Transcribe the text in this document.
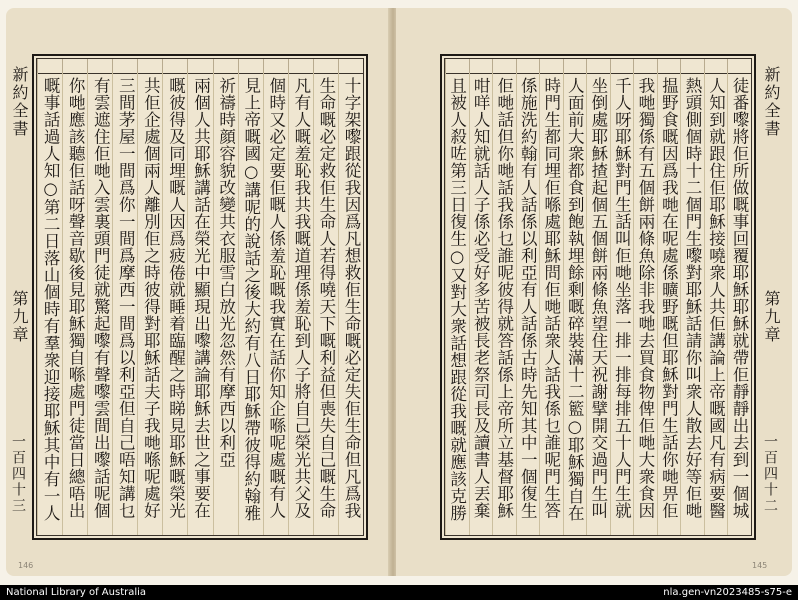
新約全書
第九章
一百四十三
十字架嚟跟從我因爲凡想救佢生命嘅必定失佢生命但凡爲我
生命嘅必定救佢生命人若得嘵天下嘅利益但喪失自己嘅生命
凡有人嘅羞恥我共我嘅道理係羞恥到人子將自己榮光共父及
個時又必定要佢嘅人係羞恥嘅我實在話你知企喺呢處嘅有人
見上帝嘅國○講呢的說話之後大約有八日耶穌帶彼得約翰雅
祈禱時顔容貌改變共衣服雪白放光忽然有摩西以利亞
兩個人共耶穌講話在榮光中顯現出嚟講論耶穌去世之事要在
嘅彼得及同埋嘅人因爲疲倦就睡着臨醒之時睇見耶穌嘅榮光
共佢企處個兩人離別佢之時彼得對耶穌話夫子我哋喺呢處好
三間茅屋一間爲你一間爲摩西一間爲以利亞但自己唔知講乜
有雲遮住佢哋入雲裏頭門徒就驚起嚟有聲嚟雲間出嚟話呢個
你哋應該聽佢話呀聲音歇後見耶穌獨自喺處門徒當日總唔出
嘅事話過人知○第二日落山個時有羣衆迎接耶穌其中有一人
146
新約全書
第九章
一百四十二
徒番嚟將佢所做嘅事回覆耶穌耶穌就帶佢靜靜出去到一個城
人知到就跟住佢耶穌接嘵衆人共佢講論上帝嘅國凡有病要醫
熱頭側個時十二個門生嚟對耶穌話請你叫衆人散去好等佢哋
揾野食嘅因爲我哋在呢處係曠野嘅但耶穌對門生話你哋畀佢
我哋獨係有五個餅兩條魚除非我哋去買食物俾佢哋大衆食因
千人呀耶穌對門生話叫佢哋坐落一排一排每排五十人門生就
坐倒處耶穌揸起個五個餅兩條魚望住天祝謝擘開交過門生叫
人面前大衆都食到飽執埋餘剩嘅碎裝滿十二籃○耶穌獨自在
時門生都同埋佢喺處耶穌問佢哋話衆人話我係乜誰呢門生答
係施洗約翰有人話係以利亞有人話係古時先知其中一個復生
佢哋話但你哋話我係乜誰呢彼得就答話係上帝所立基督耶穌
咁咩人知就話人子係必受好多苦被長老祭司長及讀書人丟棄
且被人殺咗第三日復生○又對大衆話想跟從我嘅就應該克勝
145
National Library of Australia	nla.gen-vn2023485-s75-e
